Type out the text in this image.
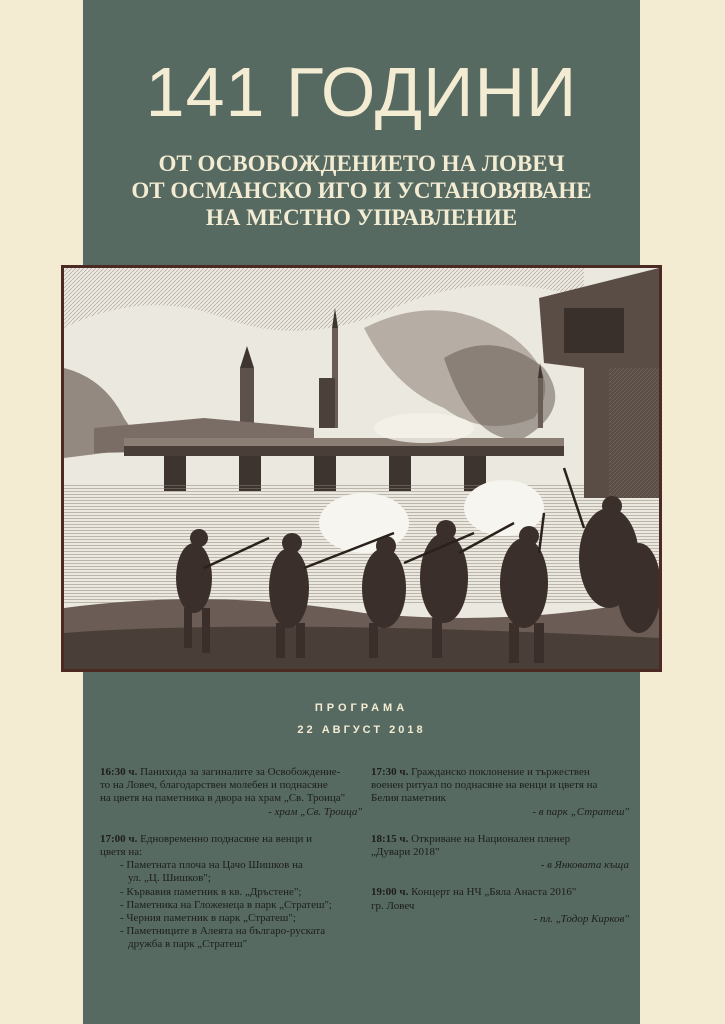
141 ГОДИНИ
ОТ ОСВОБОЖДЕНИЕТО НА ЛОВЕЧ
ОТ ОСМАНСКО ИГО И УСТАНОВЯВАНЕ
НА МЕСТНО УПРАВЛЕНИЕ
ПРОГРАМА
22 АВГУСТ 2018
16:30 ч. Панихида за загиналите за Освобождение-
то на Ловеч, благодарствен молебен и поднасяне
на цветя на паметника в двора на храм „Св. Троица"
- храм „Св. Троица"
17:00 ч. Едновременно поднасяне на венци и
цветя на:
- Паметната плоча на Цачо Шишков на
ул. „Ц. Шишков";
- Кървавия паметник в кв. „Дръстене";
- Паметника на Гложенеца в парк „Стратеш";
- Черния паметник в парк „Стратеш";
- Паметниците в Алеята на българо-руската
дружба в парк „Стратеш"
17:30 ч. Гражданско поклонение и тържествен
военен ритуал по поднасяне на венци и цветя на
Белия паметник
- в парк „Стратеш"
18:15 ч. Откриване на Национален пленер
„Дувари 2018"
- в Янковата къща
19:00 ч. Концерт на НЧ „Бяла Анаста 2016"
гр. Ловеч
- пл. „Тодор Кирков"
